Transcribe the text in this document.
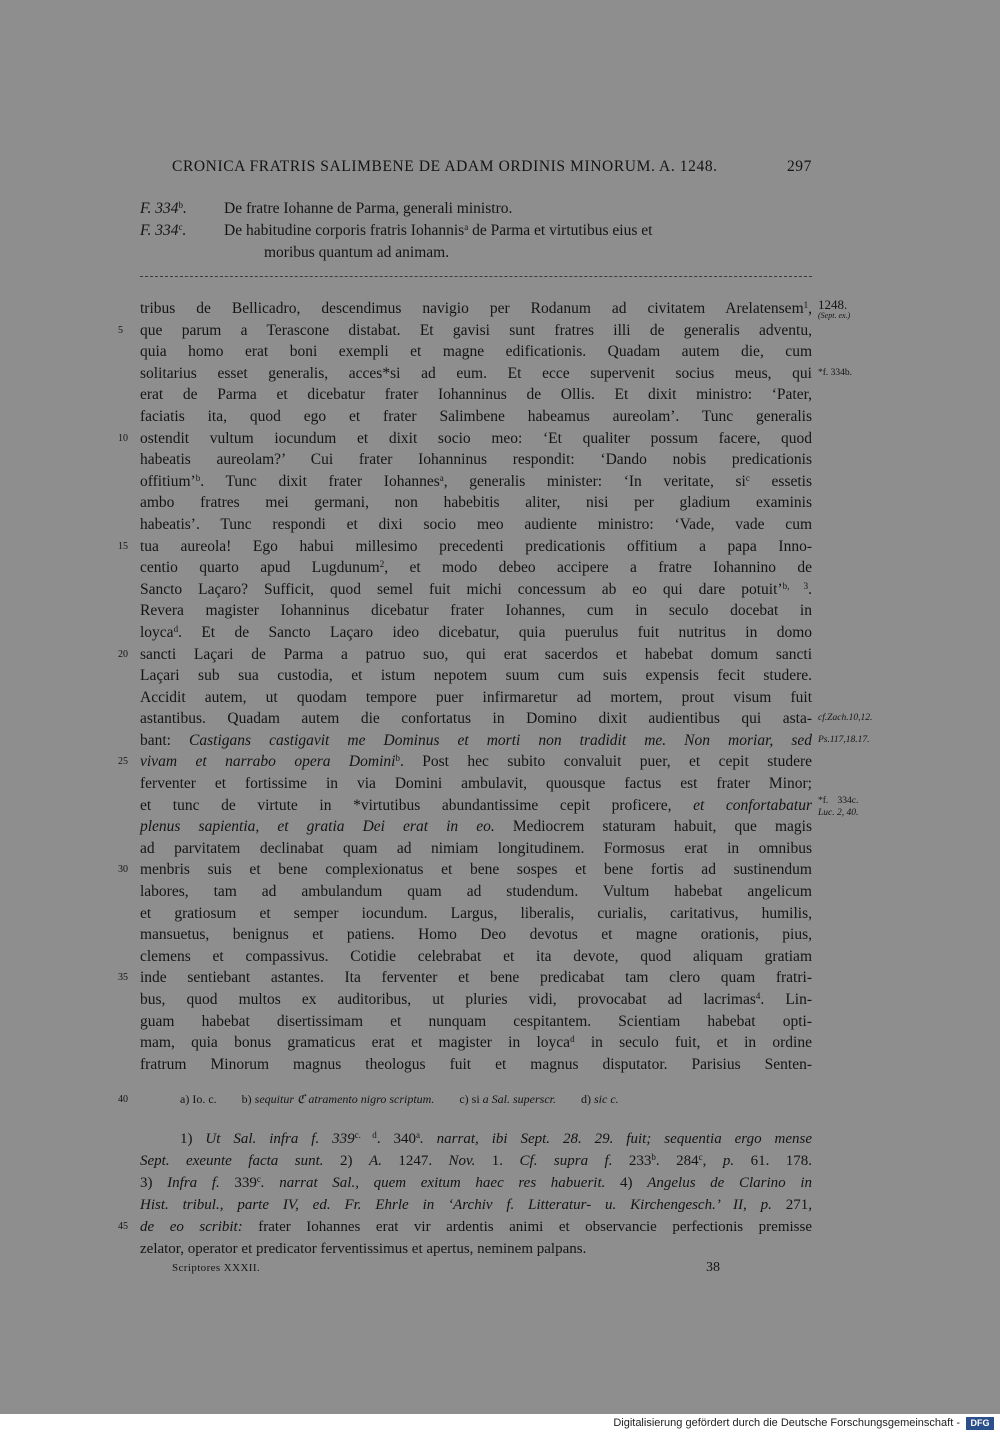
CRONICA FRATRIS SALIMBENE DE ADAM ORDINIS MINORUM. A. 1248.	297
F. 334$^b$.	De fratre Iohanne de Parma, generali ministro.
F. 334$^c$.	De habitudine corporis fratris Iohannis$^a$ de Parma et virtutibus eius et
moribus quantum ad animam.
tribus de Bellicadro, descendimus navigio per Rodanum ad civitatem Arelatensem$^1$, 1248.
(Sept. ex.)
5 que parum a Terascone distabat. Et gavisi sunt fratres illi de generalis adventu,
quia homo erat boni exempli et magne edificationis. Quadam autem die, cum
solitarius esset generalis, acces*si ad eum. Et ecce supervenit socius meus, qui *f. 334b.
erat de Parma et dicebatur frater Iohanninus de Ollis. Et dixit ministro: ‘Pater,
faciatis ita, quod ego et frater Salimbene habeamus aureolam’. Tunc generalis
10 ostendit vultum iocundum et dixit socio meo: ‘Et qualiter possum facere, quod
habeatis aureolam?’ Cui frater Iohanninus respondit: ‘Dando nobis predicationis
offitium’$^b$. Tunc dixit frater Iohannes$^a$, generalis minister: ‘In veritate, $si^c$ essetis
ambo fratres mei germani, non habebitis aliter, nisi per gladium examinis
habeatis’. Tunc respondi et dixi socio meo audiente ministro: ‘Vade, vade cum
15 tua aureola! Ego habui millesimo precedenti predicationis offitium a papa Inno-
centio quarto apud Lugdunum$^2$, et modo debeo accipere a fratre Iohannino de
Sancto Laçaro? Sufficit, quod semel fuit michi concessum ab eo qui dare potuit’$^{b, 3}$.
Revera magister Iohanninus dicebatur frater Iohannes, cum in seculo docebat in
loyca$^d$. Et de Sancto Laçaro ideo dicebatur, quia puerulus fuit nutritus in domo
20 sancti Laçari de Parma a patruo suo, qui erat sacerdos et habebat domum sancti
Laçari sub sua custodia, et istum nepotem suum cum suis expensis fecit studere.
Accidit autem, ut quodam tempore puer infirmaretur ad mortem, prout visum fuit
astantibus. Quadam autem die confortatus in Domino dixit audientibus qui asta- cf.Zach.10,12.
bant: Castigans castigavit me Dominus et morti non tradidit me. Non moriar, sed Ps.117,18.17.
25 vivam et narrabo opera Domini$^b$. Post hec subito convaluit puer, et cepit studere
ferventer et fortissime in via Domini ambulavit, quousque factus est frater Minor;
et tunc de virtute in *virtutibus abundantissime cepit proficere, et confortabatur *f. 334c.
Luc. 2, 40.
plenus sapientia, et gratia Dei erat in eo. Mediocrem staturam habuit, que magis
ad parvitatem declinabat quam ad nimiam longitudinem. Formosus erat in omnibus
30 menbris suis et bene complexionatus et bene sospes et bene fortis ad sustinendum
labores, tam ad ambulandum quam ad studendum. Vultum habebat angelicum
et gratiosum et semper iocundum. Largus, liberalis, curialis, caritativus, humilis,
mansuetus, benignus et patiens. Homo Deo devotus et magne orationis, pius,
clemens et compassivus. Cotidie celebrabat et ita devote, quod aliquam gratiam
35 inde sentiebant astantes. Ita ferventer et bene predicabat tam clero quam fratri-
bus, quod multos ex auditoribus, ut pluries vidi, provocabat ad lacrimas$^4$. Lin-
guam habebat disertissimam et nunquam cespitantem. Scientiam habebat opti-
mam, quia bonus gramaticus erat et magister in loyca$^d$ in seculo fuit, et in ordine
fratrum Minorum magnus theologus fuit et magnus disputator. Parisius Senten-
40	a) Io. c. b) sequitur ℭ atramento nigro scriptum. c) si a Sal. superscr. d) sic c.
1) Ut Sal. infra f. $339^{c. d}$. 340$^a$. narrat, ibi Sept. 28. 29. fuit; sequentia ergo mense
Sept. exeunte facta sunt. 2) A. 1247. Nov. 1. Cf. supra f. 233$^b$. 284$^c$, p. 61. 178.
3) Infra f. 339$^c$. narrat Sal., quem exitum haec res habuerit. 4) Angelus de Clarino in
Hist. tribul., parte IV, ed. Fr. Ehrle in ‘Archiv f. Litteratur- u. Kirchengesch.’ II, p. 271,
45 de eo scribit: frater Iohannes erat vir ardentis animi et observancie perfectionis premisse
zelator, operator et predicator ferventissimus et apertus, neminem palpans.
Scriptores XXXII.	38
Digitalisierung gefördert durch die Deutsche Forschungsgemeinschaft -	DFG
